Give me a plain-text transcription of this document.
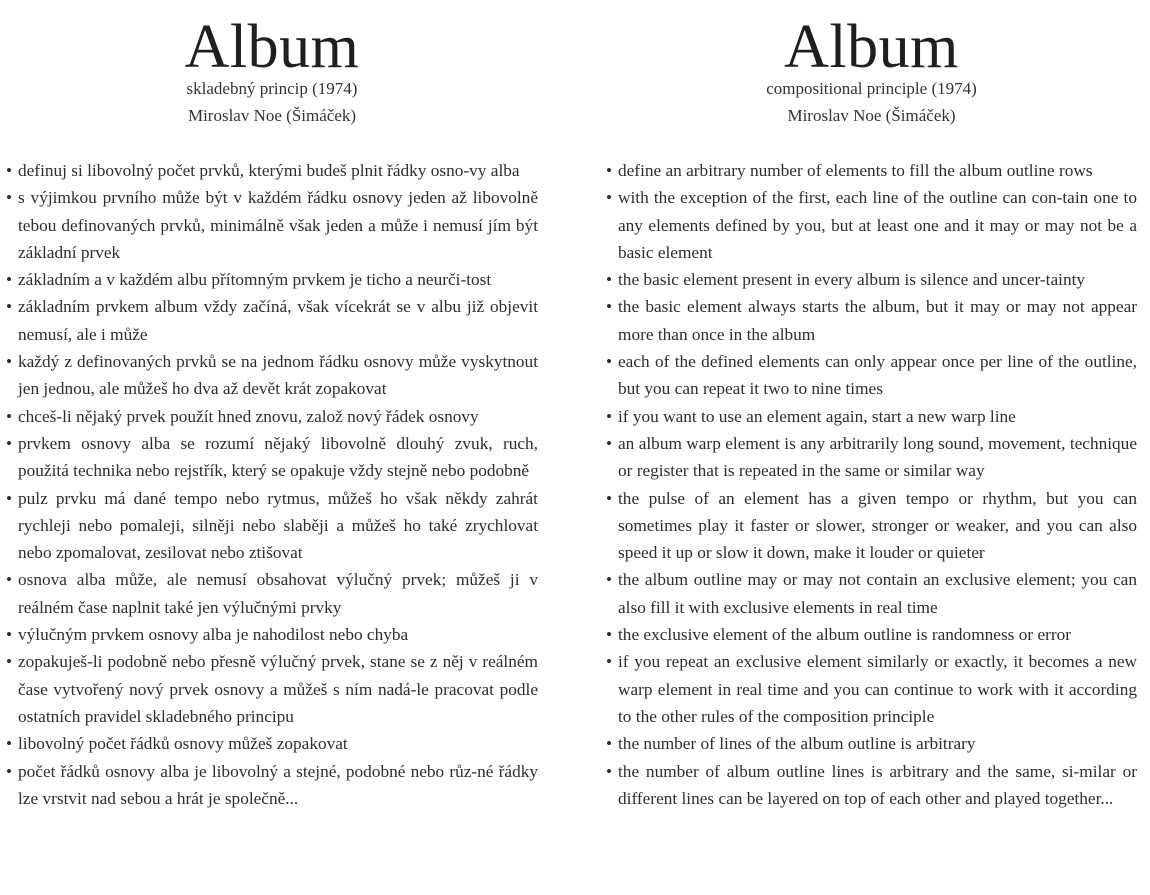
Album
skladebný princip (1974)
Miroslav Noe (Šimáček)
• definuj si libovolný počet prvků, kterými budeš plnit řádky osno-vy alba
• s výjimkou prvního může být v každém řádku osnovy jeden až libovolně tebou definovaných prvků, minimálně však jeden a může i nemusí jím být základní prvek
• základním a v každém albu přítomným prvkem je ticho a neurči-tost
• základním prvkem album vždy začíná, však vícekrát se v albu již objevit nemusí, ale i může
• každý z definovaných prvků se na jednom řádku osnovy může vyskytnout jen jednou, ale můžeš ho dva až devět krát zopakovat
• chceš-li nějaký prvek použít hned znovu, založ nový řádek osnovy
• prvkem osnovy alba se rozumí nějaký libovolně dlouhý zvuk, ruch, použitá technika nebo rejstřík, který se opakuje vždy stejně nebo podobně
• pulz prvku má dané tempo nebo rytmus, můžeš ho však někdy zahrát rychleji nebo pomaleji, silněji nebo slaběji a můžeš ho také zrychlovat nebo zpomalovat, zesilovat nebo ztišovat
• osnova alba může, ale nemusí obsahovat výlučný prvek; můžeš ji v reálném čase naplnit také jen výlučnými prvky
• výlučným prvkem osnovy alba je nahodilost nebo chyba
• zopakuješ-li podobně nebo přesně výlučný prvek, stane se z něj v reálném čase vytvořený nový prvek osnovy a můžeš s ním nadá-le pracovat podle ostatních pravidel skladebného principu
• libovolný počet řádků osnovy můžeš zopakovat
• počet řádků osnovy alba je libovolný a stejné, podobné nebo růz-né řádky lze vrstvit nad sebou a hrát je společně...
Album
compositional principle (1974)
Miroslav Noe (Šimáček)
• define an arbitrary number of elements to fill the album outline rows
• with the exception of the first, each line of the outline can con-tain one to any elements defined by you, but at least one and it may or may not be a basic element
• the basic element present in every album is silence and uncer-tainty
• the basic element always starts the album, but it may or may not appear more than once in the album
• each of the defined elements can only appear once per line of the outline, but you can repeat it two to nine times
• if you want to use an element again, start a new warp line
• an album warp element is any arbitrarily long sound, movement, technique or register that is repeated in the same or similar way
• the pulse of an element has a given tempo or rhythm, but you can sometimes play it faster or slower, stronger or weaker, and you can also speed it up or slow it down, make it louder or quieter
• the album outline may or may not contain an exclusive element; you can also fill it with exclusive elements in real time
• the exclusive element of the album outline is randomness or error
• if you repeat an exclusive element similarly or exactly, it becomes a new warp element in real time and you can continue to work with it according to the other rules of the composition principle
• the number of lines of the album outline is arbitrary
• the number of album outline lines is arbitrary and the same, si-milar or different lines can be layered on top of each other and played together...
